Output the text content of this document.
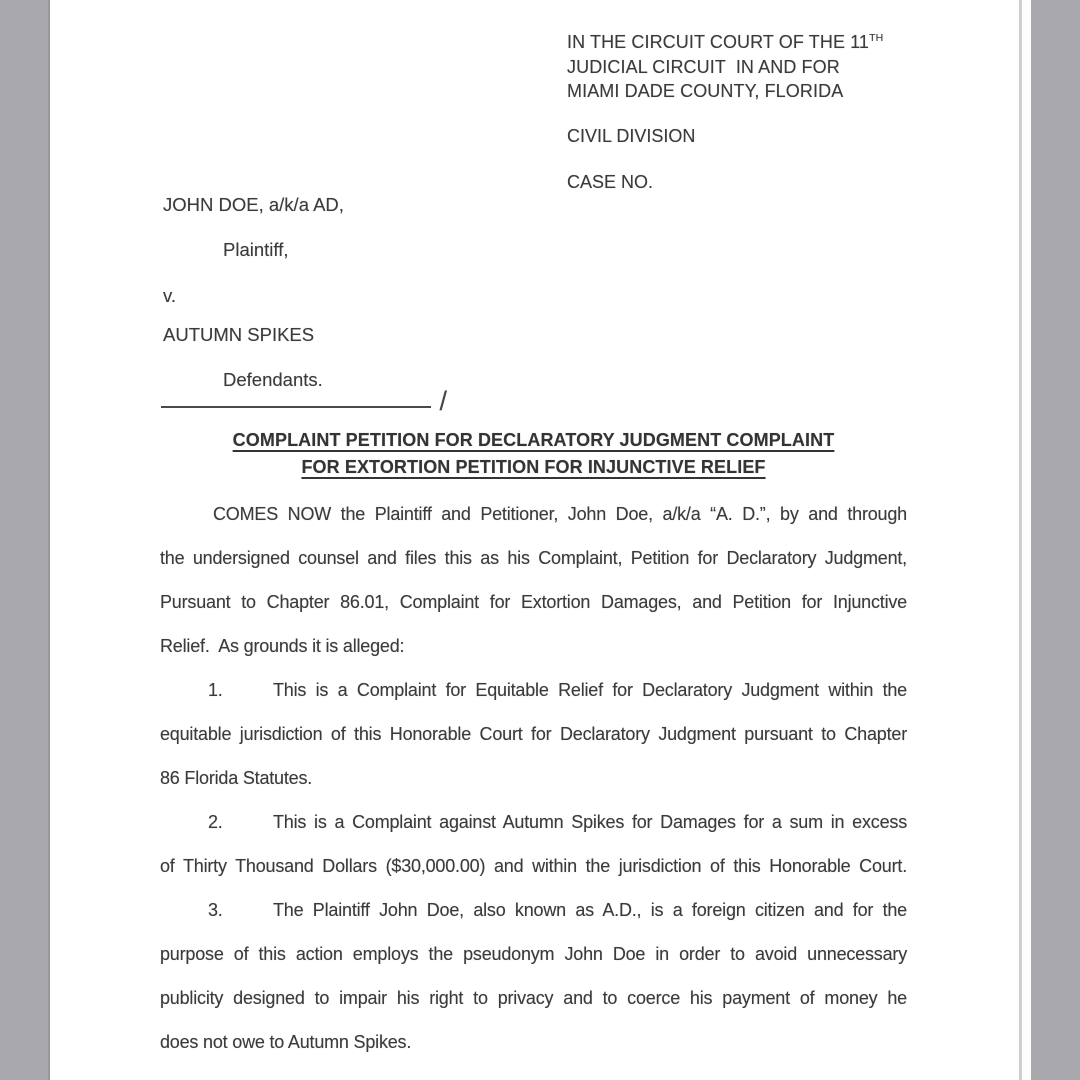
IN THE CIRCUIT COURT OF THE 11TH
JUDICIAL CIRCUIT  IN AND FOR
MIAMI DADE COUNTY, FLORIDA
CIVIL DIVISION
CASE NO.
JOHN DOE, a/k/a AD,
Plaintiff,
v.
AUTUMN SPIKES
Defendants.
/
COMPLAINT PETITION FOR DECLARATORY JUDGMENT COMPLAINT
FOR EXTORTION PETITION FOR INJUNCTIVE RELIEF
COMES NOW the Plaintiff and Petitioner, John Doe, a/k/a “A. D.”, by and through
the undersigned counsel and files this as his Complaint, Petition for Declaratory Judgment,
Pursuant to Chapter 86.01, Complaint for Extortion Damages, and Petition for Injunctive
Relief.  As grounds it is alleged:
1.	This is a Complaint for Equitable Relief for Declaratory Judgment within the
equitable jurisdiction of this Honorable Court for Declaratory Judgment pursuant to Chapter
86 Florida Statutes.
2.	This is a Complaint against Autumn Spikes for Damages for a sum in excess
of Thirty Thousand Dollars ($30,000.00) and within the jurisdiction of this Honorable Court.
3.	The Plaintiff John Doe, also known as A.D., is a foreign citizen and for the
purpose of this action employs the pseudonym John Doe in order to avoid unnecessary
publicity designed to impair his right to privacy and to coerce his payment of money he
does not owe to Autumn Spikes.
